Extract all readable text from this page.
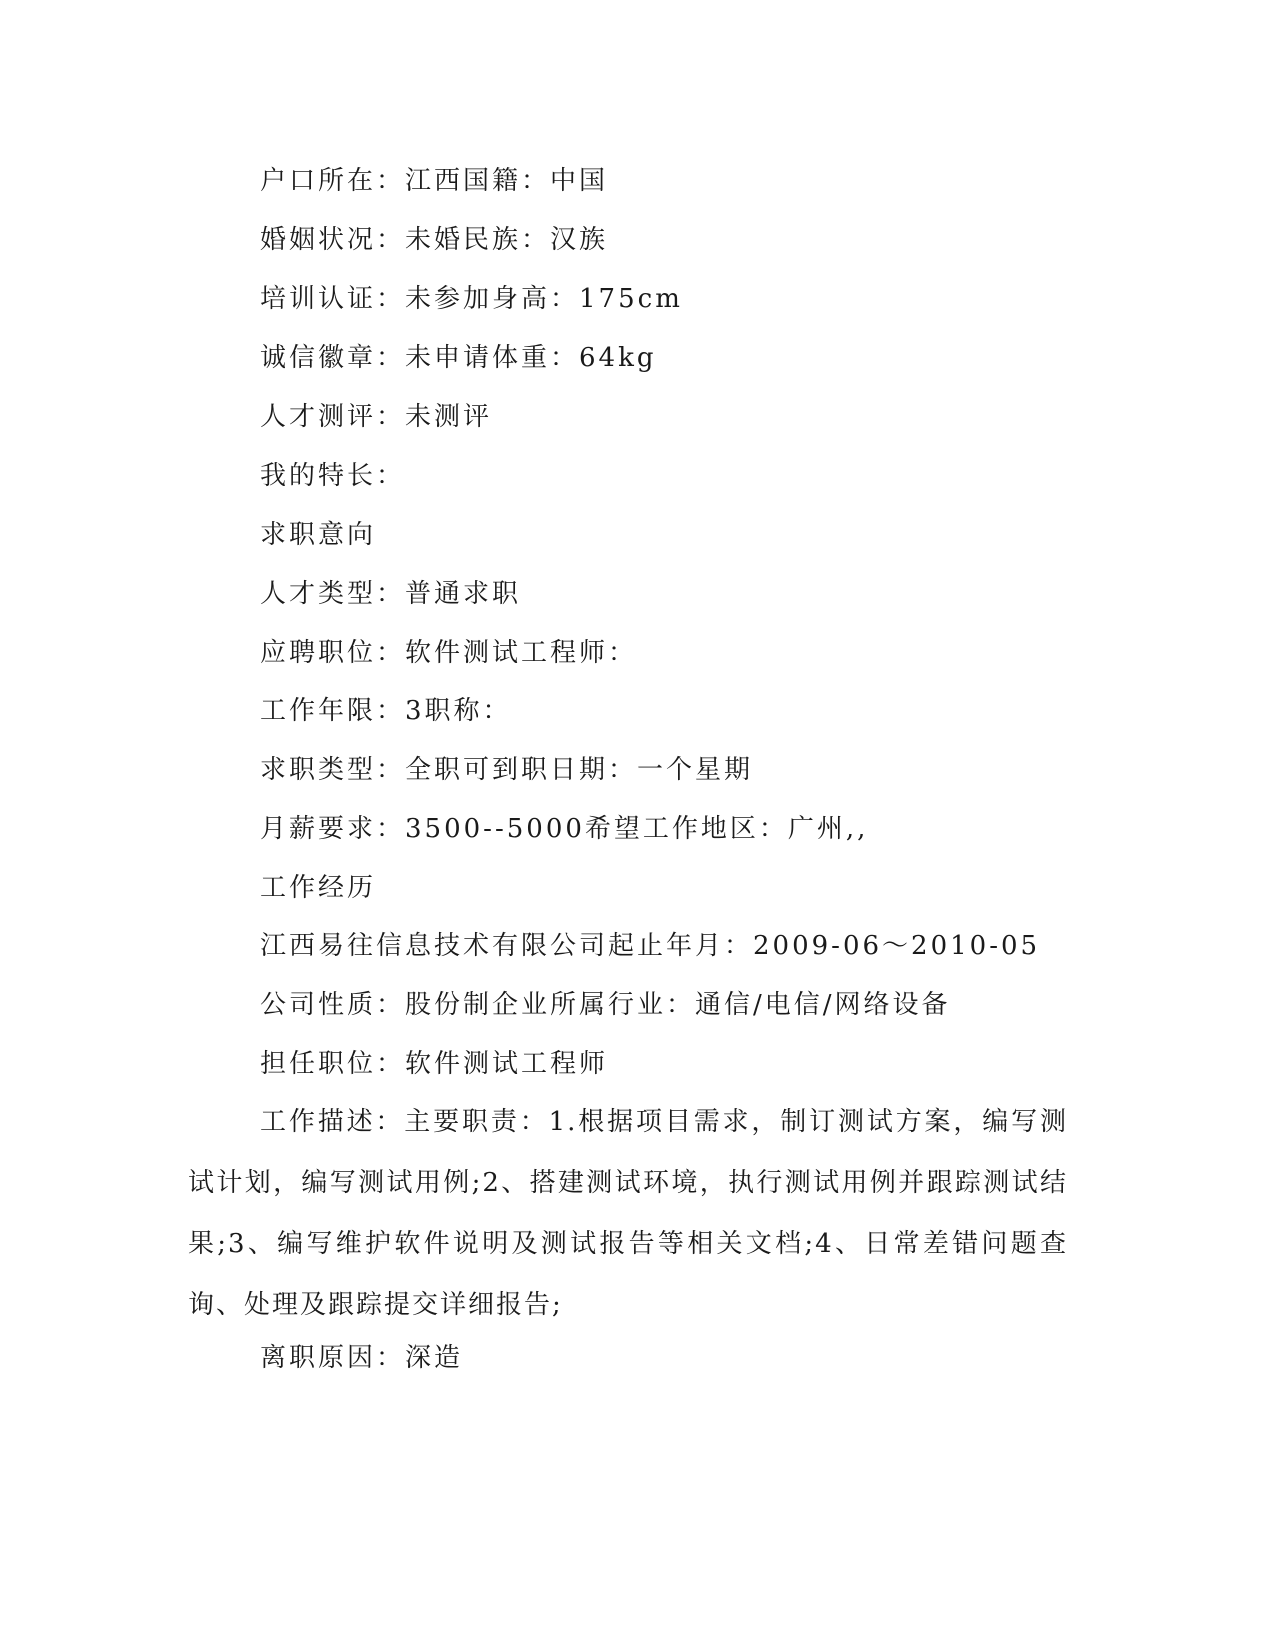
户口所在：江西国籍：中国
婚姻状况：未婚民族：汉族
培训认证：未参加身高：175cm
诚信徽章：未申请体重：64kg
人才测评：未测评
我的特长：
求职意向
人才类型：普通求职
应聘职位：软件测试工程师：
工作年限：3职称：
求职类型：全职可到职日期：一个星期
月薪要求：3500--5000希望工作地区：广州,,
工作经历
江西易往信息技术有限公司起止年月：2009-06～2010-05
公司性质：股份制企业所属行业：通信/电信/网络设备
担任职位：软件测试工程师
工作描述：主要职责：1.根据项目需求，制订测试方案，编写测试计划，编写测试用例;2、搭建测试环境，执行测试用例并跟踪测试结果;3、编写维护软件说明及测试报告等相关文档;4、日常差错问题查询、处理及跟踪提交详细报告;
离职原因：深造
